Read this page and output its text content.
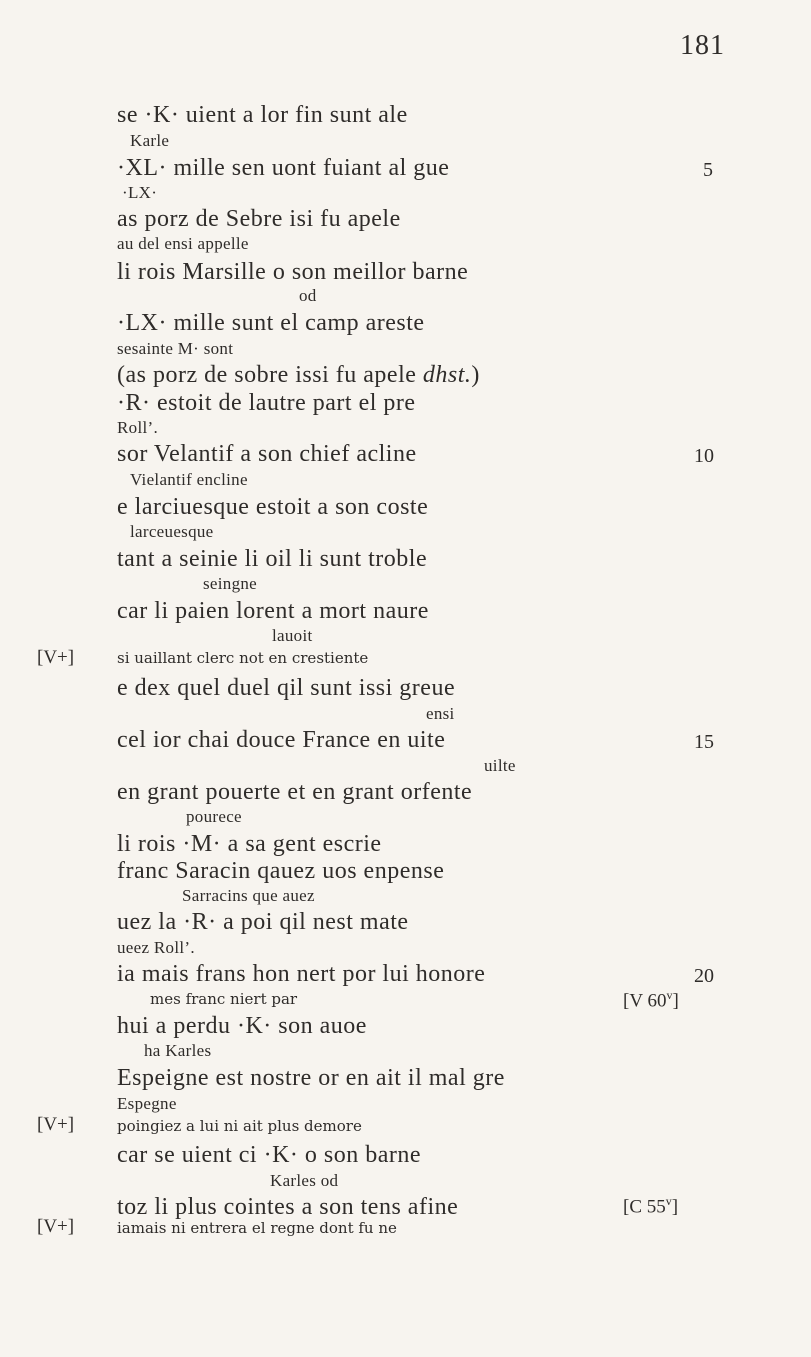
181
se ·K· uient a lor fin sunt ale
Karle
·XL· mille sen uont fuiant al gue
·LX·
as porz de Sebre isi fu apele
au del ensi appelle
li rois Marsille o son meillor barne
od
·LX· mille sunt el camp areste
sesainte M· sont
(as porz de sobre issi fu apele dhst.)
·R· estoit de lautre part el pre
Roll’.
sor Velantif a son chief acline
Vielantif encline
e larciuesque estoit a son coste
larceuesque
tant a seinie li oil li sunt troble
seingne
car li paien lorent a mort naure
lauoit
si uaillant clerc not en crestiente
e dex quel duel qil sunt issi greue
ensi
cel ior chai douce France en uite
uilte
en grant pouerte et en grant orfente
pourece
li rois ·M· a sa gent escrie
franc Saracin qauez uos enpense
Sarracins que auez
uez la ·R· a poi qil nest mate
ueez Roll’.
ia mais frans hon nert por lui honore
mes franc niert par
hui a perdu ·K· son auoe
ha Karles
Espeigne est nostre or en ait il mal gre
Espegne
poingiez a lui ni ait plus demore
car se uient ci ·K· o son barne
Karles od
toz li plus cointes a son tens afine
iamais ni entrera el regne dont fu ne
5
10
15
20
[V+]
[V+]
[V+]
[V 60$^v$]
[C 55$^v$]
